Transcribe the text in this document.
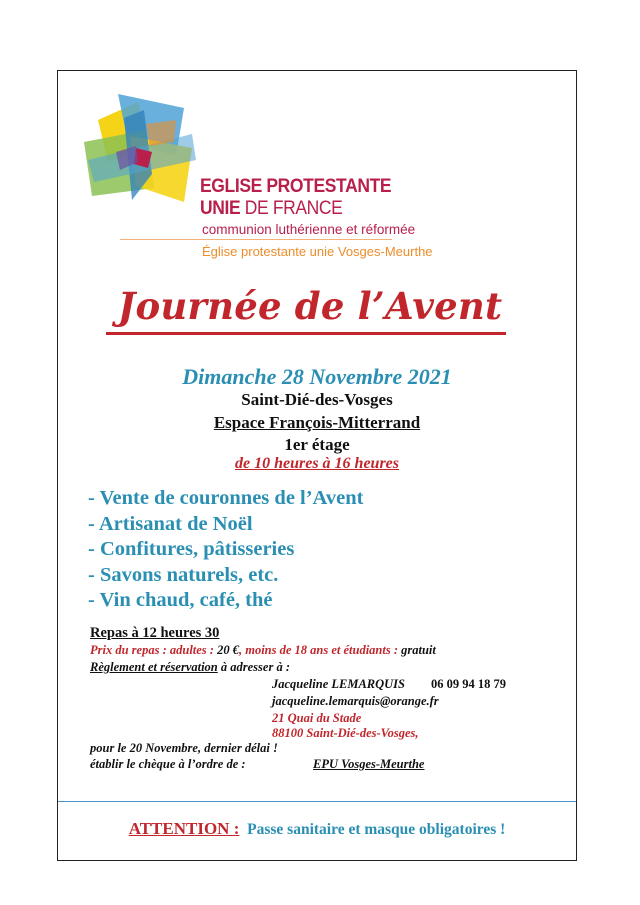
EGLISE PROTESTANTE
UNIE DE FRANCE
communion luthérienne et réformée
Église protestante unie Vosges-Meurthe
Journée de l’Avent
Dimanche 28 Novembre 2021
Saint-Dié-des-Vosges
Espace François-Mitterrand
1er étage
de 10 heures à 16 heures
- Vente de couronnes de l’Avent
- Artisanat de Noël
- Confitures, pâtisseries
- Savons naturels, etc.
- Vin chaud, café, thé
Repas à 12 heures 30
Prix du repas : adultes : 20 €, moins de 18 ans et étudiants : gratuit
Règlement et réservation à adresser à :
Jacqueline LEMARQUIS 06 09 94 18 79
jacqueline.lemarquis@orange.fr
21 Quai du Stade
88100 Saint-Dié-des-Vosges,
pour le 20 Novembre, dernier délai !
établir le chèque à l’ordre de :	EPU Vosges-Meurthe
ATTENTION : Passe sanitaire et masque obligatoires !
